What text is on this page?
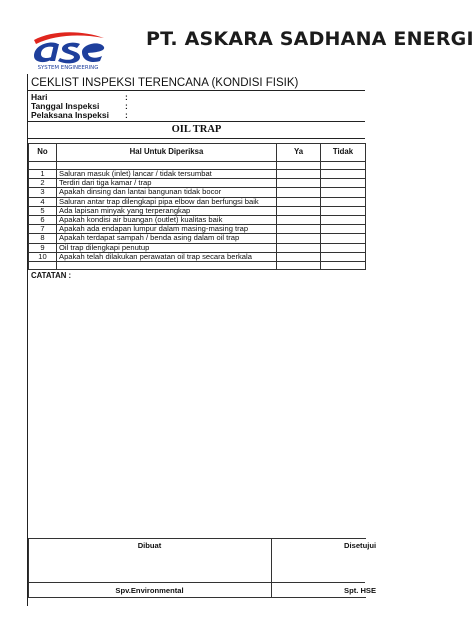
SYSTEM ENGINEERING
PT. ASKARA SADHANA ENERGI
CEKLIST INSPEKSI TERENCANA (KONDISI FISIK)
Hari	:
Tanggal Inspeksi	:
Pelaksana Inspeksi :
OIL TRAP
No	Hal Untuk Diperiksa	Ya	Tidak

1	Saluran masuk (inlet) lancar / tidak tersumbat		
2	Terdiri dari tiga kamar / trap		
3	Apakah dinsing dan lantai bangunan tidak bocor		
4	Saluran antar trap dilengkapi pipa elbow dan berfungsi baik		
5	Ada lapisan minyak yang terperangkap		
6	Apakah kondisi air buangan (outlet) kualitas baik		
7	Apakah ada endapan lumpur dalam masing-masing trap		
8	Apakah terdapat sampah / benda asing dalam oil trap		
9	Oil trap dilengkapi penutup		
10	Apakah telah dilakukan perawatan oil trap secara berkala		

CATATAN :
Dibuat	Disetujui
Spv.Environmental	Spt. HSE
